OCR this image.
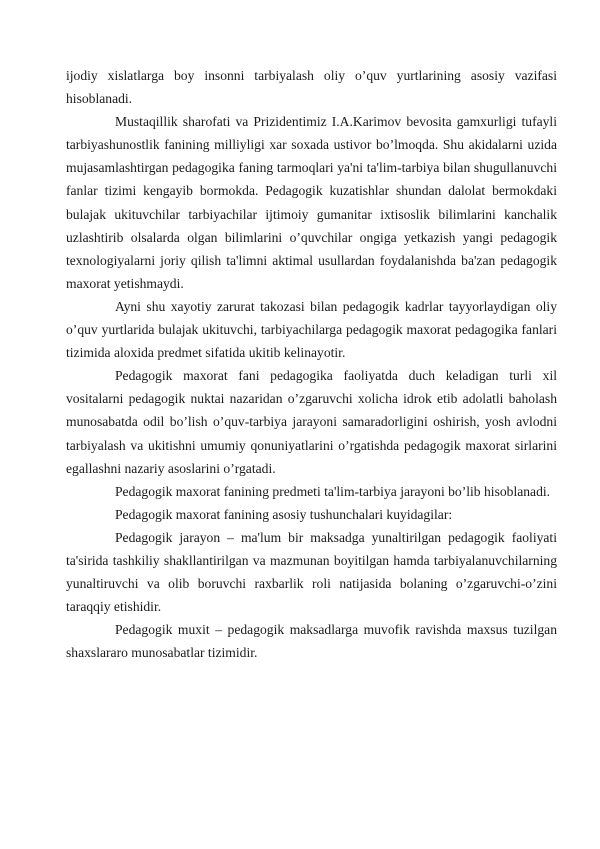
ijodiy xislatlarga boy insonni tarbiyalash oliy o’quv yurtlarining asosiy vazifasi hisoblanadi.

Mustaqillik sharofati va Prizidentimiz I.A.Karimov bevosita gamxurligi tufayli tarbiyashunostlik fanining milliyligi xar soxada ustivor bo’lmoqda. Shu akidalarni uzida mujasamlashtirgan pedagogika faning tarmoqlari ya'ni ta'lim-tarbiya bilan shugullanuvchi fanlar tizimi kengayib bormokda. Pedagogik kuzatishlar shundan dalolat bermokdaki bulajak ukituvchilar tarbiyachilar ijtimoiy gumanitar ixtisoslik bilimlarini kanchalik uzlashtirib olsalarda olgan bilimlarini o’quvchilar ongiga yetkazish yangi pedagogik texnologiyalarni joriy qilish ta'limni aktimal usullardan foydalanishda ba'zan pedagogik maxorat yetishmaydi.

Ayni shu xayotiy zarurat takozasi bilan pedagogik kadrlar tayyorlaydigan oliy o’quv yurtlarida bulajak ukituvchi, tarbiyachilarga pedagogik maxorat pedagogika fanlari tizimida aloxida predmet sifatida ukitib kelinayotir.

Pedagogik maxorat fani pedagogika faoliyatda duch keladigan turli xil vositalarni pedagogik nuktai nazaridan o’zgaruvchi xolicha idrok etib adolatli baholash munosabatda odil bo’lish o’quv-tarbiya jarayoni samaradorligini oshirish, yosh avlodni tarbiyalash va ukitishni umumiy qonuniyatlarini o’rgatishda pedagogik maxorat sirlarini egallashni nazariy asoslarini o’rgatadi.

Pedagogik maxorat fanining predmeti ta'lim-tarbiya jarayoni bo’lib hisoblanadi.

Pedagogik maxorat fanining asosiy tushunchalari kuyidagilar:

Pedagogik jarayon – ma'lum bir maksadga yunaltirilgan pedagogik faoliyati ta'sirida tashkiliy shakllantirilgan va mazmunan boyitilgan hamda tarbiyalanuvchilarning yunaltiruvchi va olib boruvchi raxbarlik roli natijasida bolaning o’zgaruvchi-o’zini taraqqiy etishidir.

Pedagogik muxit – pedagogik maksadlarga muvofik ravishda maxsus tuzilgan shaxslararo munosabatlar tizimidir.
